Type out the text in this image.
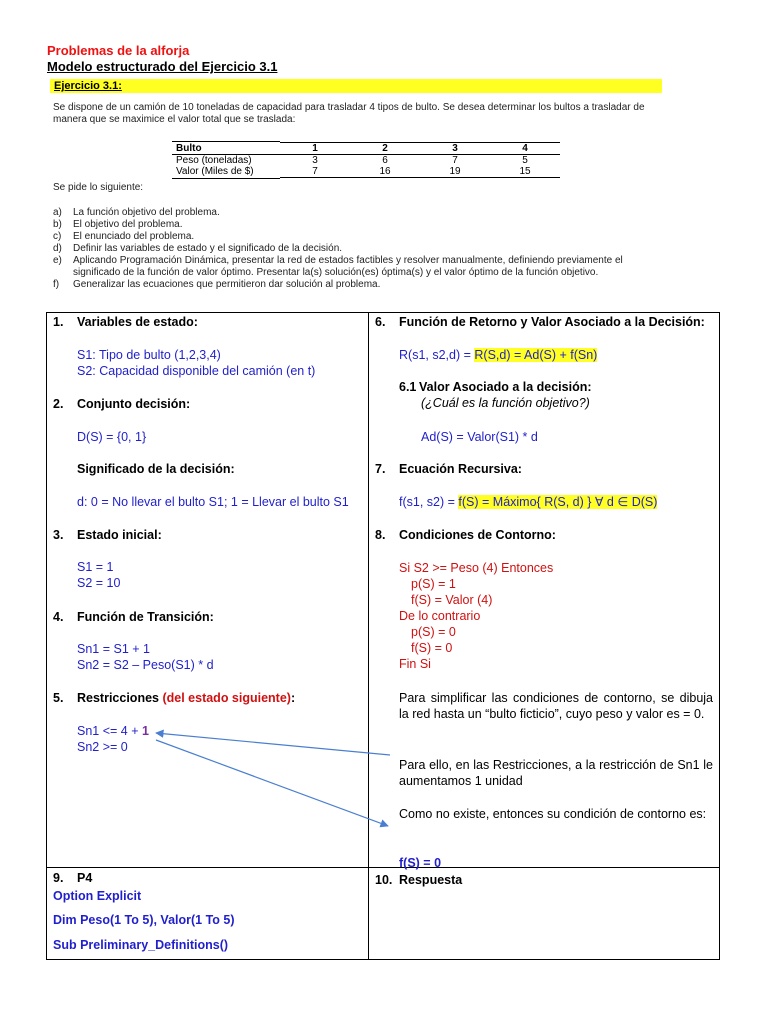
Problemas de la alforja
Modelo estructurado del Ejercicio 3.1
Ejercicio 3.1:
Se dispone de un camión de 10 toneladas de capacidad para trasladar 4 tipos de bulto. Se desea determinar los bultos a trasladar de manera que se maximice el valor total que se traslada:
Bulto		1	2	3	4
Peso (toneladas)		3	6	7	5
Valor (Miles de $)		7	16	19	15
Se pide lo siguiente:
a)	La función objetivo del problema.
b)	El objetivo del problema.
c)	El enunciado del problema.
d)	Definir las variables de estado y el significado de la decisión.
e)	Aplicando Programación Dinámica, presentar la red de estados factibles y resolver manualmente, definiendo previamente el significado de la función de valor óptimo. Presentar la(s) solución(es) óptima(s) y el valor óptimo de la función objetivo.
f)	Generalizar las ecuaciones que permitieron dar solución al problema.
1. Variables de estado:
S1: Tipo de bulto (1,2,3,4)
S2: Capacidad disponible del camión (en t)
2. Conjunto decisión:
D(S) = {0, 1}
Significado de la decisión:
d: 0 = No llevar el bulto S1; 1 = Llevar el bulto S1
3. Estado inicial:
S1 = 1
S2 = 10
4. Función de Transición:
Sn1 = S1 + 1
Sn2 = S2 – Peso(S1) * d
5. Restricciones (del estado siguiente):
Sn1 <= 4 + 1
Sn2 >= 0
6. Función de Retorno y Valor Asociado a la Decisión:
R(s1, s2,d) = R(S,d) = Ad(S) + f(Sn)
6.1 Valor Asociado a la decisión:
(¿Cuál es la función objetivo?)
Ad(S) = Valor(S1) * d
7. Ecuación Recursiva:
f(s1, s2) = f(S) = Máximo{ R(S, d) } ∀ d ∈ D(S)
8. Condiciones de Contorno:
Si S2 >= Peso (4) Entonces
p(S) = 1
f(S) = Valor (4)
De lo contrario
p(S) = 0
f(S) = 0
Fin Si
Para simplificar las condiciones de contorno, se dibuja la red hasta un “bulto ficticio”, cuyo peso y valor es = 0.
Para ello, en las Restricciones, a la restricción de Sn1 le aumentamos 1 unidad
Como no existe, entonces su condición de contorno es:
f(S) = 0
9. P4
Option Explicit
Dim Peso(1 To 5), Valor(1 To 5)
Sub Preliminary_Definitions()
10. Respuesta
